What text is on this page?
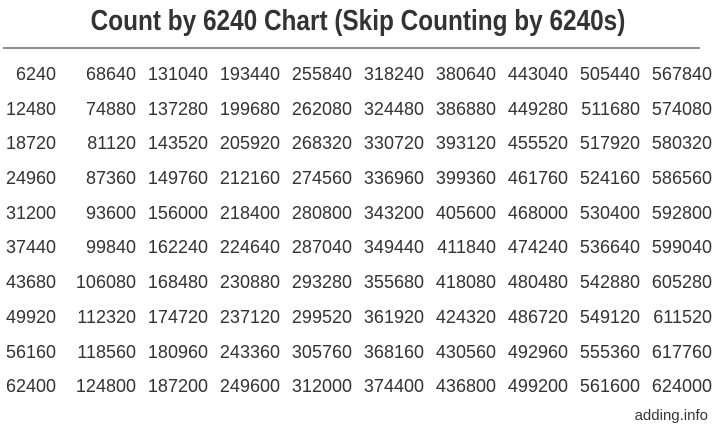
Count by 6240 Chart (Skip Counting by 6240s)
6240	68640 131040 193440 255840 318240 380640 443040 505440 567840
12480	74880 137280 199680 262080 324480 386880 449280 511680 574080
18720	81120 143520 205920 268320 330720 393120 455520 517920 580320
24960	87360 149760 212160 274560 336960 399360 461760 524160 586560
31200	93600 156000 218400 280800 343200 405600 468000 530400 592800
37440	99840 162240 224640 287040 349440 411840 474240 536640 599040
43680	106080 168480 230880 293280 355680 418080 480480 542880 605280
49920	112320 174720 237120 299520 361920 424320 486720 549120 611520
56160	118560 180960 243360 305760 368160 430560 492960 555360 617760
62400	124800 187200 249600 312000 374400 436800 499200 561600 624000
adding.info
